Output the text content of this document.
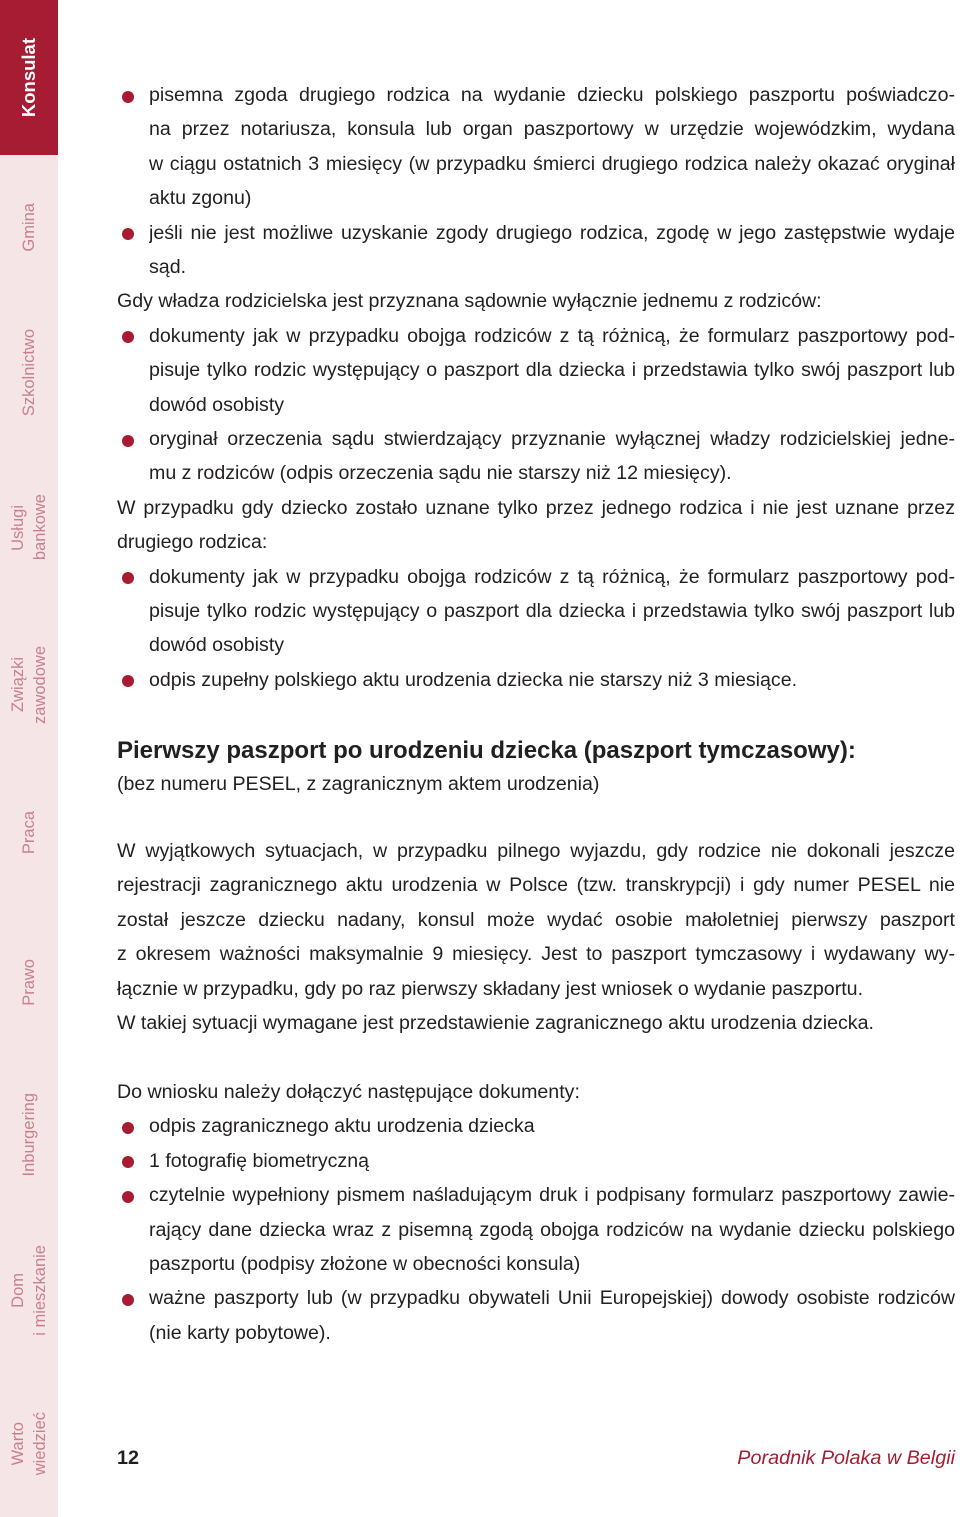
Konsulat
Gmina
Szkolnictwo
Usługi bankowe
Związki zawodowe
Praca
Prawo
Inburgering
Dom i mieszkanie
Warto wiedzieć
pisemna zgoda drugiego rodzica na wydanie dziecku polskiego paszportu poświadczo-
na przez notariusza, konsula lub organ paszportowy w urzędzie wojewódzkim, wydana
w ciągu ostatnich 3 miesięcy (w przypadku śmierci drugiego rodzica należy okazać oryginał
aktu zgonu)
jeśli nie jest możliwe uzyskanie zgody drugiego rodzica, zgodę w jego zastępstwie wydaje
sąd.
Gdy władza rodzicielska jest przyznana sądownie wyłącznie jednemu z rodziców:
dokumenty jak w przypadku obojga rodziców z tą różnicą, że formularz paszportowy pod-
pisuje tylko rodzic występujący o paszport dla dziecka i przedstawia tylko swój paszport lub
dowód osobisty
oryginał orzeczenia sądu stwierdzający przyznanie wyłącznej władzy rodzicielskiej jedne-
mu z rodziców (odpis orzeczenia sądu nie starszy niż 12 miesięcy).
W przypadku gdy dziecko zostało uznane tylko przez jednego rodzica i nie jest uznane przez
drugiego rodzica:
dokumenty jak w przypadku obojga rodziców z tą różnicą, że formularz paszportowy pod-
pisuje tylko rodzic występujący o paszport dla dziecka i przedstawia tylko swój paszport lub
dowód osobisty
odpis zupełny polskiego aktu urodzenia dziecka nie starszy niż 3 miesiące.
Pierwszy paszport po urodzeniu dziecka (paszport tymczasowy):
(bez numeru PESEL, z zagranicznym aktem urodzenia)
W wyjątkowych sytuacjach, w przypadku pilnego wyjazdu, gdy rodzice nie dokonali jeszcze
rejestracji zagranicznego aktu urodzenia w Polsce (tzw. transkrypcji) i gdy numer PESEL nie
został jeszcze dziecku nadany, konsul może wydać osobie małoletniej pierwszy paszport
z okresem ważności maksymalnie 9 miesięcy. Jest to paszport tymczasowy i wydawany wy-
łącznie w przypadku, gdy po raz pierwszy składany jest wniosek o wydanie paszportu.
W takiej sytuacji wymagane jest przedstawienie zagranicznego aktu urodzenia dziecka.
Do wniosku należy dołączyć następujące dokumenty:
odpis zagranicznego aktu urodzenia dziecka
1 fotografię biometryczną
czytelnie wypełniony pismem naśladującym druk i podpisany formularz paszportowy zawie-
rający dane dziecka wraz z pisemną zgodą obojga rodziców na wydanie dziecku polskiego
paszportu (podpisy złożone w obecności konsula)
ważne paszporty lub (w przypadku obywateli Unii Europejskiej) dowody osobiste rodziców
(nie karty pobytowe).
12	Poradnik Polaka w Belgii
